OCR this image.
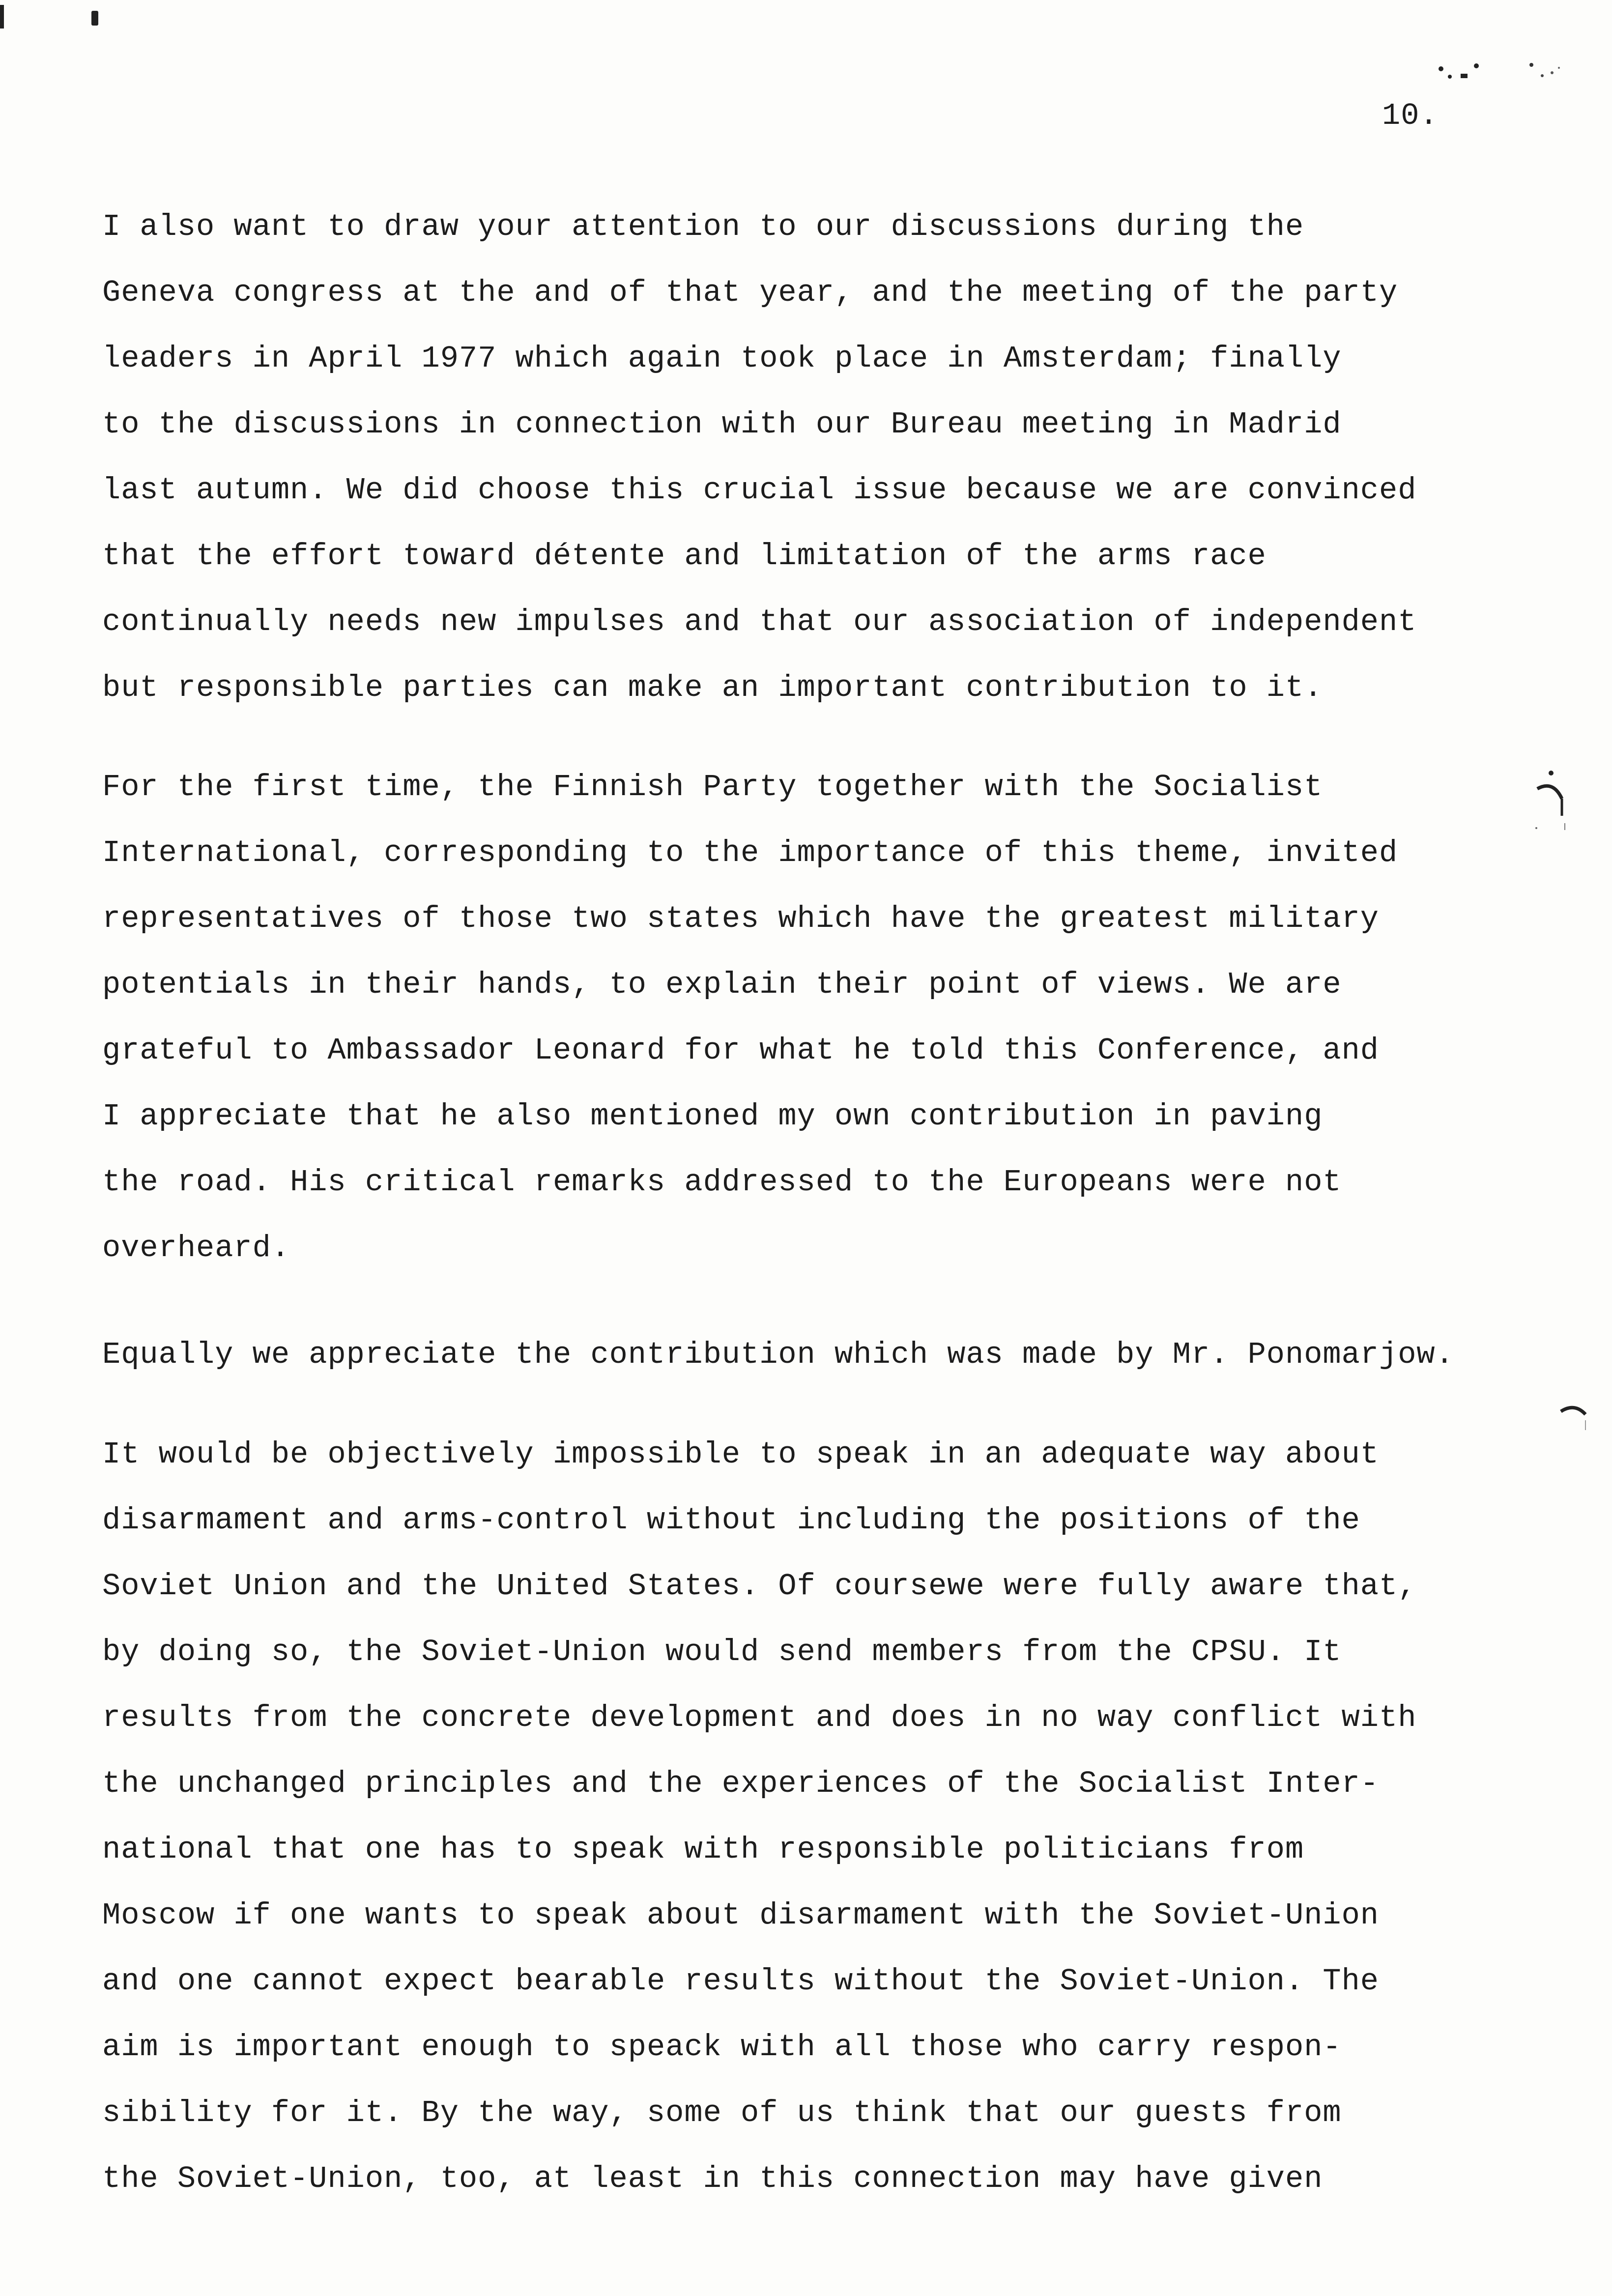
10.
I also want to draw your attention to our discussions during the
Geneva congress at the and of that year, and the meeting of the party
leaders in April 1977 which again took place in Amsterdam; finally
to the discussions in connection with our Bureau meeting in Madrid
last autumn. We did choose this crucial issue because we are convinced
that the effort toward détente and limitation of the arms race
continually needs new impulses and that our association of independent
but responsible parties can make an important contribution to it.
For the first time, the Finnish Party together with the Socialist
International, corresponding to the importance of this theme, invited
representatives of those two states which have the greatest military
potentials in their hands, to explain their point of views. We are
grateful to Ambassador Leonard for what he told this Conference, and
I appreciate that he also mentioned my own contribution in paving
the road. His critical remarks addressed to the Europeans were not
overheard.
Equally we appreciate the contribution which was made by Mr. Ponomarjow.
It would be objectively impossible to speak in an adequate way about
disarmament and arms-control without including the positions of the
Soviet Union and the United States. Of coursewe were fully aware that,
by doing so, the Soviet-Union would send members from the CPSU. It
results from the concrete development and does in no way conflict with
the unchanged principles and the experiences of the Socialist Inter-
national that one has to speak with responsible politicians from
Moscow if one wants to speak about disarmament with the Soviet-Union
and one cannot expect bearable results without the Soviet-Union. The
aim is important enough to speack with all those who carry respon-
sibility for it. By the way, some of us think that our guests from
the Soviet-Union, too, at least in this connection may have given
